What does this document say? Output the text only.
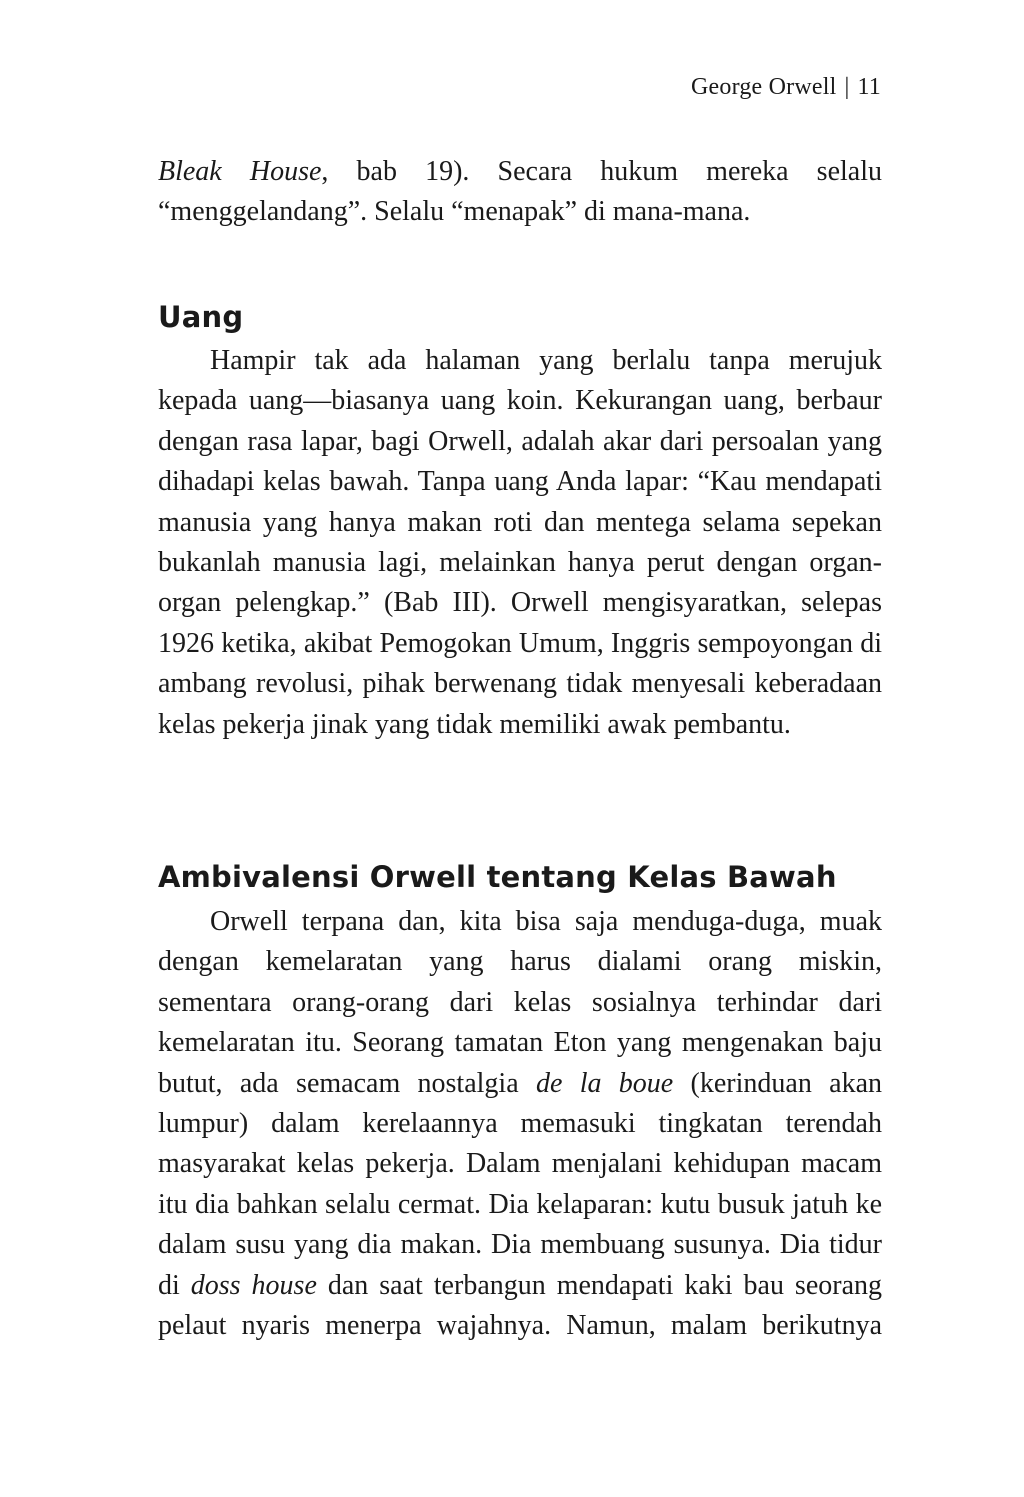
George Orwell | 11

Bleak House, bab 19). Secara hukum mereka selalu “menggelandang”. Selalu “menapak” di mana-mana.

Uang

Hampir tak ada halaman yang berlalu tanpa merujuk kepada uang—biasanya uang koin. Kekurangan uang, berbaur dengan rasa lapar, bagi Orwell, adalah akar dari persoalan yang dihadapi kelas bawah. Tanpa uang Anda lapar: “Kau mendapati manusia yang hanya makan roti dan mentega selama sepekan bukanlah manusia lagi, melainkan hanya perut dengan organ-organ pelengkap.” (Bab III). Orwell mengisyaratkan, selepas 1926 ketika, akibat Pemogokan Umum, Inggris sempoyongan di ambang revolusi, pihak berwenang tidak menyesali keberadaan kelas pekerja jinak yang tidak memiliki awak pembantu.

Ambivalensi Orwell tentang Kelas Bawah

Orwell terpana dan, kita bisa saja menduga-duga, muak dengan kemelaratan yang harus dialami orang miskin, sementara orang-orang dari kelas sosialnya terhindar dari kemelaratan itu. Seorang tamatan Eton yang mengenakan baju butut, ada semacam nostalgia de la boue (kerinduan akan lumpur) dalam kerelaannya memasuki tingkatan terendah masyarakat kelas pekerja. Dalam menjalani kehidupan macam itu dia bahkan selalu cermat. Dia kelaparan: kutu busuk jatuh ke dalam susu yang dia makan. Dia membuang susunya. Dia tidur di doss house dan saat terbangun mendapati kaki bau seorang pelaut nyaris menerpa wajahnya. Namun, malam berikutnya
